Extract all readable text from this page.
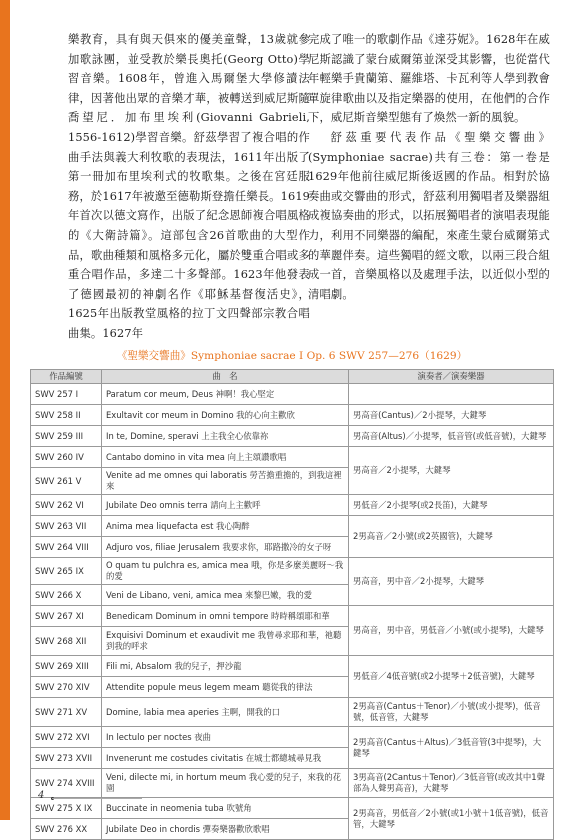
樂教育，具有與天俱來的優美童聲，13歲就參加歌詠團，並受教於樂長奧托(Georg Otto)學習音樂。1608年，曾進入馬爾堡大學修讀法律，因著他出眾的音樂才華，被轉送到威尼斯隨喬望尼．加布里埃利(Giovanni Gabrieli, 1556-1612)學習音樂。舒茲學習了複合唱的作曲手法與義大利牧歌的表現法，1611年出版了第一冊加布里埃利式的牧歌集。之後在宮廷服務，於1617年被邀至德勒斯登擔任樂長。1619年首次以德文寫作，出版了紀念恩師複合唱風格的《大衛詩篇》。這部包含26首歌曲的大型作品，歌曲種類和風格多元化，屬於雙重合唱或多重合唱作品，多達二十多聲部。1623年他發表了德國最初的神劇名作《耶穌基督復活史》，1625年出版教堂風格的拉丁文四聲部宗教合唱曲集。1627年

完成了唯一的歌劇作品《達芬妮》。1628年在威尼斯認識了蒙台威爾第並深受其影響，也從當代年輕樂手貴蘭第、羅維塔、卡瓦利等人學到教會單旋律歌曲以及指定樂器的使用，在他們的合作下，威尼斯音樂型態有了煥然一新的風貌。

舒茲重要代表作品《聖樂交響曲》(Symphoniae sacrae)共有三卷：第一卷是1629年他前往威尼斯後返國的作品。相對於協奏曲或交響曲的形式，舒茲利用獨唱者及樂器組成複協奏曲的形式，以拓展獨唱者的演唱表現能力，利用不同樂器的編配，來產生蒙台威爾第式的華麗伴奏。這些獨唱的經文歌，以兩三段合組成一首，音樂風格以及處理手法，以近似小型的清唱劇。

《聖樂交響曲》Symphoniae sacrae I Op. 6 SWV 257—276（1629）
作品編號	曲　名	演奏者／演奏樂器
SWV 257 I	Paratum cor meum, Deus 神啊！我心堅定	
SWV 258 II	Exultavit cor meum in Domino 我的心向主歡欣	男高音(Cantus)／2小提琴，大鍵琴
SWV 259 III	In te, Domine, speravi 上主我全心依靠祢	男高音(Altus)／小提琴，低音管(或低音號)，大鍵琴
SWV 260 IV	Cantabo domino in vita mea 向上主頌讚歌唱	男高音／2小提琴，大鍵琴
SWV 261 V	Venite ad me omnes qui laboratis 勞苦擔重擔的，到我這裡來	
SWV 262 VI	Jubilate Deo omnis terra 請向上主歡呼	男低音／2小提琴(或2長笛)，大鍵琴
SWV 263 VII	Anima mea liquefacta est 我心陶醉	2男高音／2小號(或2英國管)，大鍵琴
SWV 264 VIII	Adjuro vos, filiae Jerusalem 我要求你，耶路撒冷的女子呀	
SWV 265 IX	O quam tu pulchra es, amica mea 哦，你是多麼美麗呀～我的愛	男高音，男中音／2小提琴，大鍵琴
SWV 266 X	Veni de Libano, veni, amica mea 來黎巴嫩，我的愛	
SWV 267 XI	Benedicam Dominum in omni tempore 時時稱頌耶和華	男高音，男中音，男低音／小號(或小提琴)，大鍵琴
SWV 268 XII	Exquisivi Dominum et exaudivit me 我曾尋求耶和華，祂聽到我的呼求	
SWV 269 XIII	Fili mi, Absalom 我的兒子，押沙龍	男低音／4低音號(或2小提琴＋2低音號)，大鍵琴
SWV 270 XIV	Attendite popule meus legem meam 聽從我的律法	
SWV 271 XV	Domine, labia mea aperies 主啊，開我的口	2男高音(Cantus＋Tenor)／小號(或小提琴)，低音號，低音管，大鍵琴
SWV 272 XVI	In lectulo per noctes 夜曲	2男高音(Cantus＋Altus)／3低音管(3中提琴)，大鍵琴
SWV 273 XVII	Invenerunt me costudes civitatis 在城士都總城尋見我	
SWV 274 XVIII	Veni, dilecte mi, in hortum meum 我心愛的兒子，來我的花園	3男高音(2Cantus＋Tenor)／3低音管(或改其中1聲部為人聲男高音)，大鍵琴
SWV 275 X IX	Buccinate in neomenia tuba 吹號角	2男高音，男低音／2小號(或1小號＋1低音號)，低音管，大鍵琴
SWV 276 XX	Jubilate Deo in chordis 彈奏樂器歡欣歌唱	
4
